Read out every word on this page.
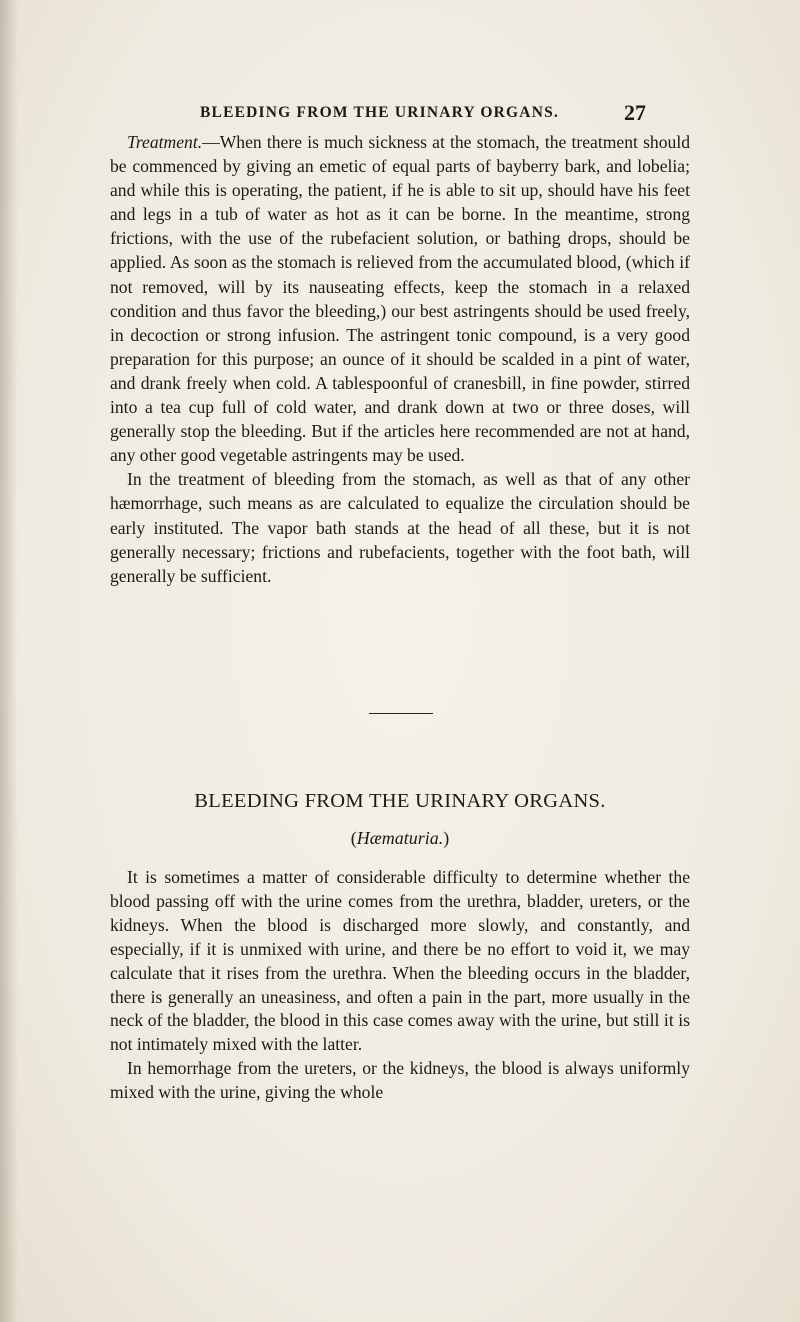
BLEEDING FROM THE URINARY ORGANS.	27

Treatment.—When there is much sickness at the stomach, the treatment should be commenced by giving an emetic of equal parts of bayberry bark, and lobelia; and while this is operating, the patient, if he is able to sit up, should have his feet and legs in a tub of water as hot as it can be borne. In the meantime, strong frictions, with the use of the rubefacient solution, or bathing drops, should be applied. As soon as the stomach is relieved from the accumulated blood, (which if not removed, will by its nauseating effects, keep the stomach in a relaxed condition and thus favor the bleeding,) our best astringents should be used freely, in decoction or strong infusion. The astringent tonic compound, is a very good preparation for this purpose; an ounce of it should be scalded in a pint of water, and drank freely when cold. A tablespoonful of cranesbill, in fine powder, stirred into a tea cup full of cold water, and drank down at two or three doses, will generally stop the bleeding. But if the articles here recommended are not at hand, any other good vegetable astringents may be used.

In the treatment of bleeding from the stomach, as well as that of any other hæmorrhage, such means as are calculated to equalize the circulation should be early instituted. The vapor bath stands at the head of all these, but it is not generally necessary; frictions and rubefacients, together with the foot bath, will generally be sufficient.

BLEEDING FROM THE URINARY ORGANS.
(Hæmaturia.)

It is sometimes a matter of considerable difficulty to determine whether the blood passing off with the urine comes from the urethra, bladder, ureters, or the kidneys. When the blood is discharged more slowly, and constantly, and especially, if it is unmixed with urine, and there be no effort to void it, we may calculate that it rises from the urethra. When the bleeding occurs in the bladder, there is generally an uneasiness, and often a pain in the part, more usually in the neck of the bladder, the blood in this case comes away with the urine, but still it is not intimately mixed with the latter.

In hemorrhage from the ureters, or the kidneys, the blood is always uniformly mixed with the urine, giving the whole
